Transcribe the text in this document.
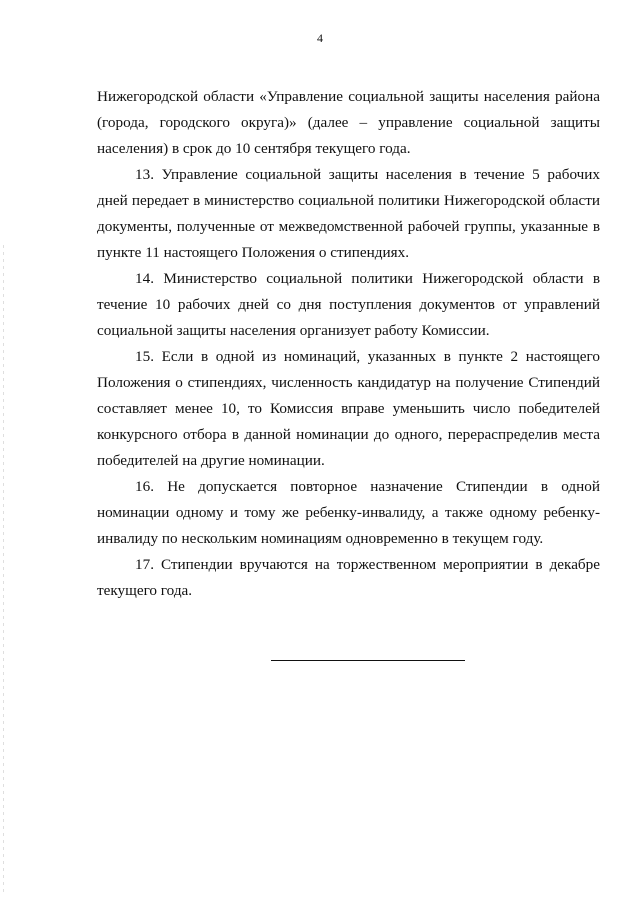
4

Нижегородской области «Управление социальной защиты населения района (города, городского округа)» (далее – управление социальной защиты населения) в срок до 10 сентября текущего года.

13. Управление социальной защиты населения в течение 5 рабочих дней передает в министерство социальной политики Нижегородской области документы, полученные от межведомственной рабочей группы, указанные в пункте 11 настоящего Положения о стипендиях.

14. Министерство социальной политики Нижегородской области в течение 10 рабочих дней со дня поступления документов от управлений социальной защиты населения организует работу Комиссии.

15. Если в одной из номинаций, указанных в пункте 2 настоящего Положения о стипендиях, численность кандидатур на получение Стипендий составляет менее 10, то Комиссия вправе уменьшить число победителей конкурсного отбора в данной номинации до одного, перераспределив места победителей на другие номинации.

16. Не допускается повторное назначение Стипендии в одной номинации одному и тому же ребенку-инвалиду, а также одному ребенку-инвалиду по нескольким номинациям одновременно в текущем году.

17. Стипендии вручаются на торжественном мероприятии в декабре текущего года.
